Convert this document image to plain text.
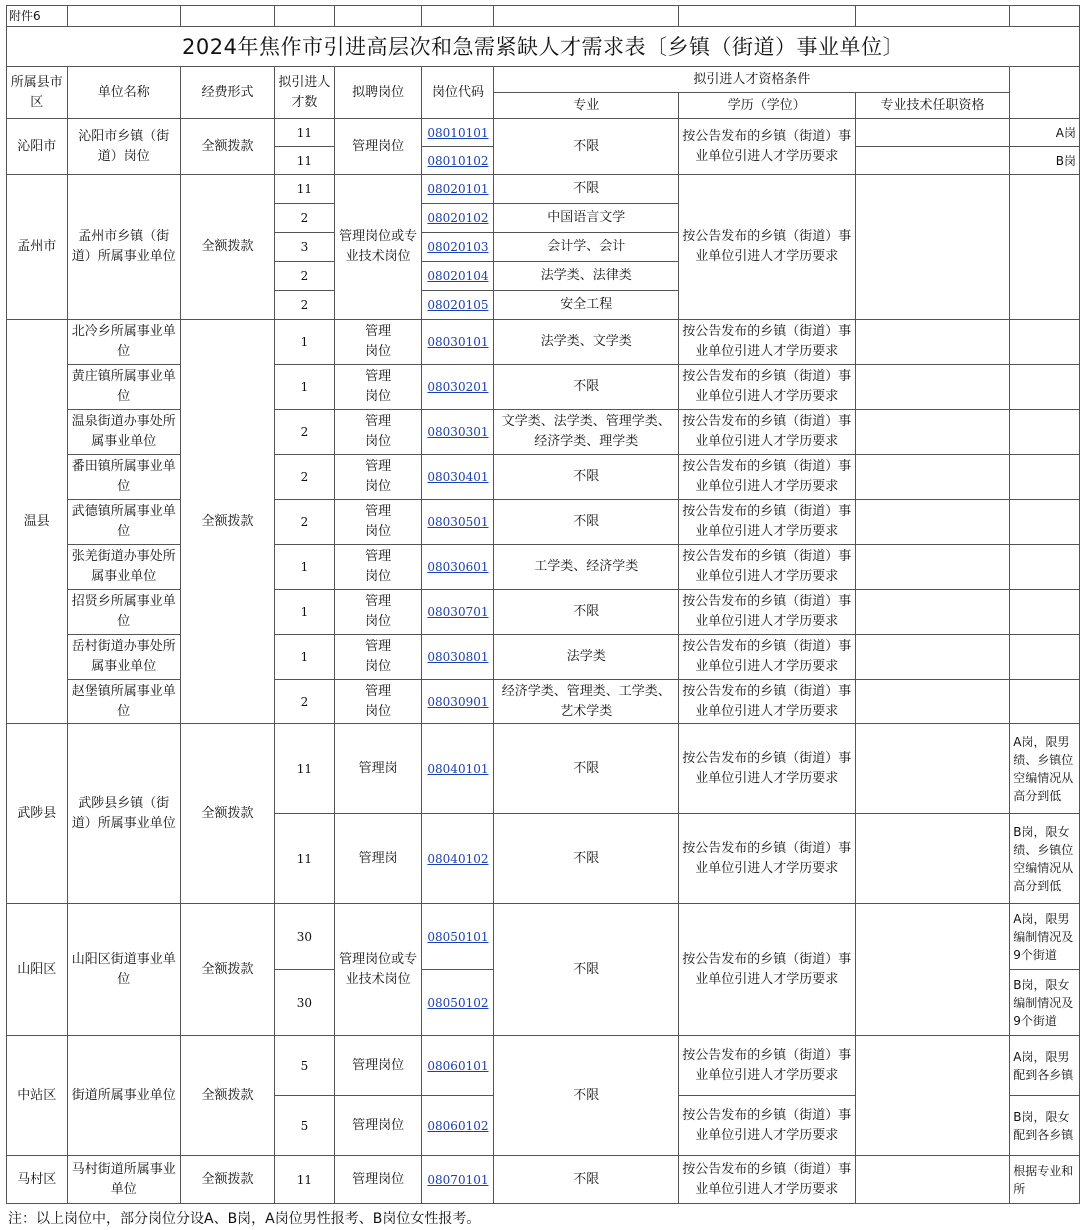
附件6									
2024年焦作市引进高层次和急需紧缺人才需求表〔乡镇（街道）事业单位〕									
所属县市区	单位名称	经费形式	拟引进人才数	拟聘岗位	岗位代码	拟引进人才资格条件			
						专业	学历（学位）	专业技术任职资格	
沁阳市	沁阳市乡镇（街道）岗位	全额拨款	11	管理岗位	08010101	不限	按公告发布的乡镇（街道）事业单位引进人才学历要求		A岗
			11		08010102				B岗
孟州市	孟州市乡镇（街道）所属事业单位	全额拨款	11	管理岗位或专业技术岗位	08020101	不限	按公告发布的乡镇（街道）事业单位引进人才学历要求		
			2		08020102	中国语言文学			
			3		08020103	会计学、会计			
			2		08020104	法学类、法律类			
			2		08020105	安全工程			
温县	北冷乡所属事业单位	全额拨款	1	管理岗位	08030101	法学类、文学类	按公告发布的乡镇（街道）事业单位引进人才学历要求		
	黄庄镇所属事业单位		1	管理岗位	08030201	不限	按公告发布的乡镇（街道）事业单位引进人才学历要求		
	温泉街道办事处所属事业单位		2	管理岗位	08030301	文学类、法学类、管理学类、经济学类、理学类	按公告发布的乡镇（街道）事业单位引进人才学历要求		
	番田镇所属事业单位		2	管理岗位	08030401	不限	按公告发布的乡镇（街道）事业单位引进人才学历要求		
	武德镇所属事业单位		2	管理岗位	08030501	不限	按公告发布的乡镇（街道）事业单位引进人才学历要求		
	张羌街道办事处所属事业单位		1	管理岗位	08030601	工学类、经济学类	按公告发布的乡镇（街道）事业单位引进人才学历要求		
	招贤乡所属事业单位		1	管理岗位	08030701	不限	按公告发布的乡镇（街道）事业单位引进人才学历要求		
	岳村街道办事处所属事业单位		1	管理岗位	08030801	法学类	按公告发布的乡镇（街道）事业单位引进人才学历要求		
	赵堡镇所属事业单位		2	管理岗位	08030901	经济学类、管理类、工学类、艺术学类	按公告发布的乡镇（街道）事业单位引进人才学历要求		
武陟县	武陟县乡镇（街道）所属事业单位	全额拨款	11	管理岗	08040101	不限	按公告发布的乡镇（街道）事业单位引进人才学历要求		A岗，限男绩、乡镇位空编情况从高分到低
			11	管理岗	08040102	不限	按公告发布的乡镇（街道）事业单位引进人才学历要求		B岗，限女绩、乡镇位空编情况从高分到低
山阳区	山阳区街道事业单位	全额拨款	30	管理岗位或专业技术岗位	08050101	不限	按公告发布的乡镇（街道）事业单位引进人才学历要求		A岗，限男编制情况及9个街道
			30		08050102				B岗，限女编制情况及9个街道
中站区	街道所属事业单位	全额拨款	5	管理岗位	08060101	不限	按公告发布的乡镇（街道）事业单位引进人才学历要求		A岗，限男配到各乡镇
			5	管理岗位	08060102		按公告发布的乡镇（街道）事业单位引进人才学历要求		B岗，限女配到各乡镇
马村区	马村街道所属事业单位	全额拨款	11	管理岗位	08070101	不限	按公告发布的乡镇（街道）事业单位引进人才学历要求		根据专业和所
注：以上岗位中，部分岗位分设A、B岗，A岗位男性报考、B岗位女性报考。
